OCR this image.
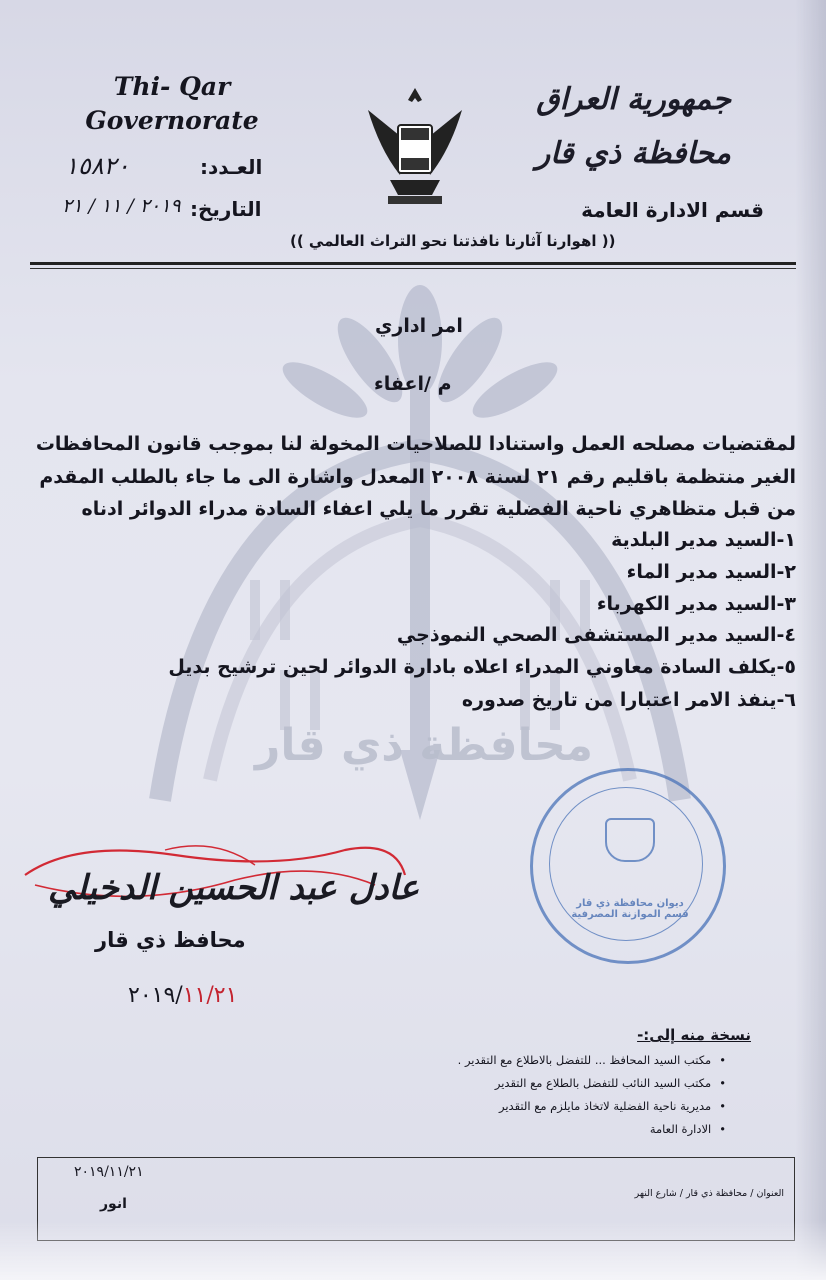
محافظة ذي قار
Thi- Qar
Governorate
جمهورية العراق
محافظة ذي قار
قسم الادارة العامة
العـدد:
١٥٨٢٠
التاريخ:
٢٠١٩ / ١١ / ٢١
(( اهوارنا آثارنا نافذتنا نحو التراث العالمي ))
امر اداري
م /اعفاء
لمقتضيات مصلحه العمل واستنادا للصلاحيات المخولة لنا بموجب قانون المحافظات
الغير منتظمة باقليم رقم ٢١ لسنة ٢٠٠٨ المعدل واشارة الى ما جاء بالطلب المقدم
من قبل متظاهري ناحية الفضلية تقرر ما يلي اعفاء السادة مدراء الدوائر ادناه
١-السيد مدير البلدية
٢-السيد مدير الماء
٣-السيد مدير الكهرباء
٤-السيد مدير المستشفى الصحي النموذجي
٥-يكلف السادة معاوني المدراء اعلاه بادارة الدوائر لحين ترشيح بديل
٦-ينفذ الامر اعتبارا من تاريخ صدوره
ديوان محافظة ذي قار قسم الموازنة المصرفية
عادل عبد الحسين الدخيلي
محافظ ذي قار
٢٠١٩/١١/٢١
نسخة منه إلى:-
• مكتب السيد المحافظ ... للتفضل بالاطلاع مع التقدير .
• مكتب السيد النائب للتفضل بالطلاع مع التقدير
• مديرية ناحية الفضلية لاتخاذ مايلزم مع التقدير
• الادارة العامة
٢٠١٩/١١/٢١
انور
العنوان / محافظة ذي قار / شارع النهر
